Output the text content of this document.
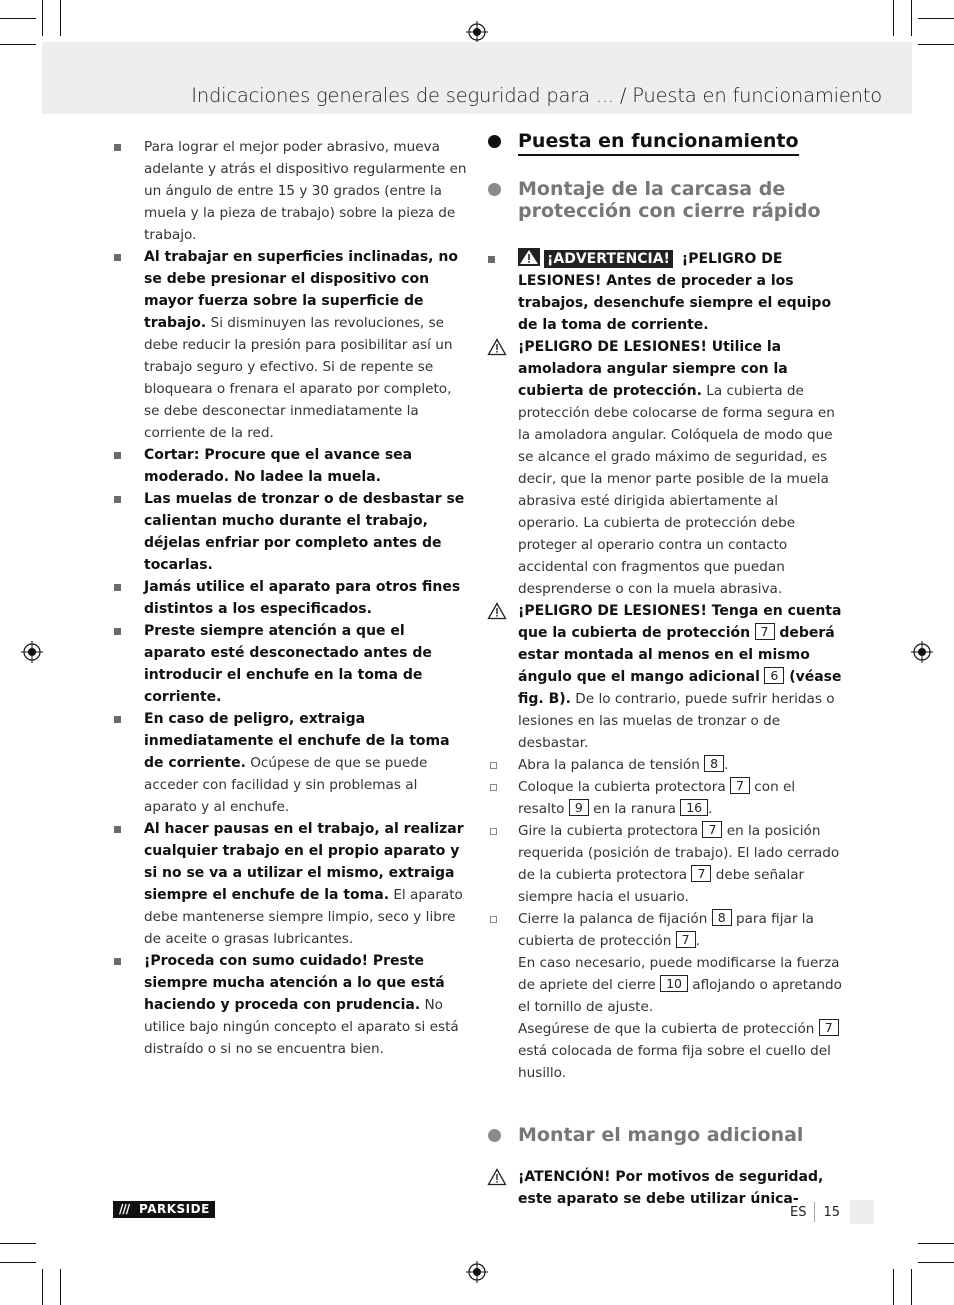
Indicaciones generales de seguridad para ... / Puesta en funcionamiento
Para lograr el mejor poder abrasivo, mueva adelante y atrás el dispositivo regularmente en un ángulo de entre 15 y 30 grados (entre la muela y la pieza de trabajo) sobre la pieza de trabajo.
Al trabajar en superficies inclinadas, no se debe presionar el dispositivo con mayor fuerza sobre la superficie de trabajo. Si disminuyen las revoluciones, se debe reducir la presión para posibilitar así un trabajo seguro y efectivo. Si de repente se bloqueara o frenara el aparato por completo, se debe desconectar inmediatamente la corriente de la red.
Cortar: Procure que el avance sea moderado. No ladee la muela.
Las muelas de tronzar o de desbastar se calientan mucho durante el trabajo, déjelas enfriar por completo antes de tocarlas.
Jamás utilice el aparato para otros fines distintos a los especificados.
Preste siempre atención a que el aparato esté desconectado antes de introducir el enchufe en la toma de corriente.
En caso de peligro, extraiga inmediatamente el enchufe de la toma de corriente. Ocúpese de que se puede acceder con facilidad y sin problemas al aparato y al enchufe.
Al hacer pausas en el trabajo, al realizar cualquier trabajo en el propio aparato y si no se va a utilizar el mismo, extraiga siempre el enchufe de la toma. El aparato debe mantenerse siempre limpio, seco y libre de aceite o grasas lubricantes.
¡Proceda con sumo cuidado! Preste siempre mucha atención a lo que está haciendo y proceda con prudencia. No utilice bajo ningún concepto el aparato si está distraído o si no se encuentra bien.
Puesta en funcionamiento
Montaje de la carcasa de protección con cierre rápido
¡ADVERTENCIA! ¡PELIGRO DE LESIONES! Antes de proceder a los trabajos, desenchufe siempre el equipo de la toma de corriente.
¡PELIGRO DE LESIONES! Utilice la amoladora angular siempre con la cubierta de protección. La cubierta de protección debe colocarse de forma segura en la amoladora angular. Colóquela de modo que se alcance el grado máximo de seguridad, es decir, que la menor parte posible de la muela abrasiva esté dirigida abiertamente al operario. La cubierta de protección debe proteger al operario contra un contacto accidental con fragmentos que puedan desprenderse o con la muela abrasiva.
¡PELIGRO DE LESIONES! Tenga en cuenta que la cubierta de protección 7 deberá estar montada al menos en el mismo ángulo que el mango adicional 6 (véase fig. B). De lo contrario, puede sufrir heridas o lesiones en las muelas de tronzar o de desbastar.
Abra la palanca de tensión 8 .
Coloque la cubierta protectora 7 con el resalto 9 en la ranura 16 .
Gire la cubierta protectora 7 en la posición requerida (posición de trabajo). El lado cerrado de la cubierta protectora 7 debe señalar siempre hacia el usuario.
Cierre la palanca de fijación 8 para fijar la cubierta de protección 7 .
En caso necesario, puede modificarse la fuerza de apriete del cierre 10 aflojando o apretando el tornillo de ajuste.
Asegúrese de que la cubierta de protección 7 está colocada de forma fija sobre el cuello del husillo.
Montar el mango adicional
¡ATENCIÓN! Por motivos de seguridad, este aparato se debe utilizar única-
/// PARKSIDE	ES 15
